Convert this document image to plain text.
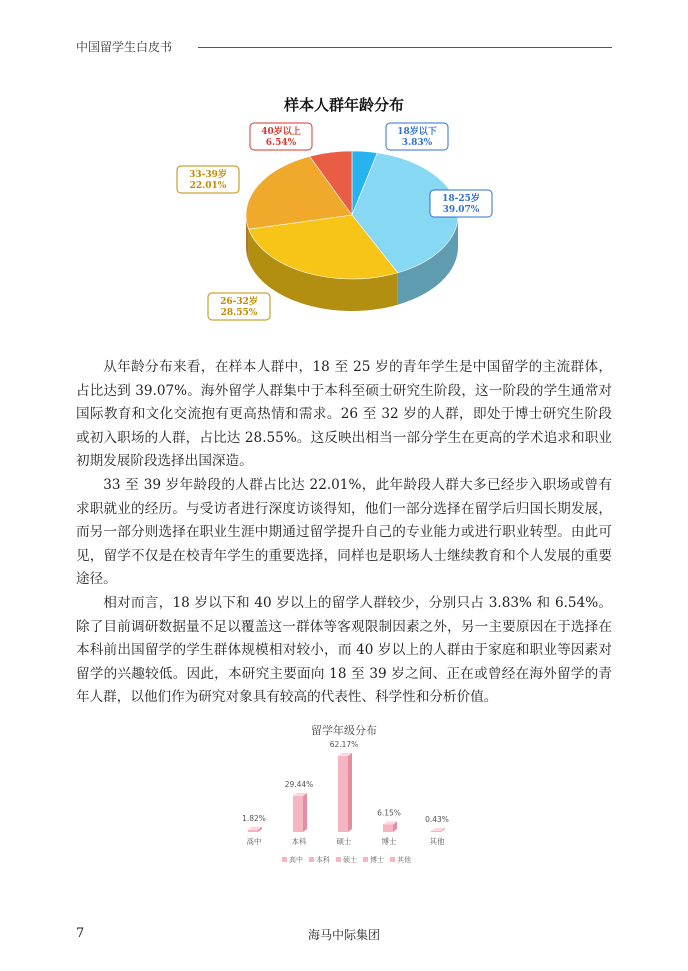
中国留学生白皮书
样本人群年龄分布
18岁以下
3.83%
18-25岁
39.07%
26-32岁
28.55%
33-39岁
22.01%
40岁以上
6.54%

从年龄分布来看，在样本人群中，18 至 25 岁的青年学生是中国留学的主流群体，占比达到 39.07%。海外留学人群集中于本科至硕士研究生阶段，这一阶段的学生通常对国际教育和文化交流抱有更高热情和需求。26 至 32 岁的人群，即处于博士研究生阶段或初入职场的人群，占比达 28.55%。这反映出相当一部分学生在更高的学术追求和职业初期发展阶段选择出国深造。

33 至 39 岁年龄段的人群占比达 22.01%，此年龄段人群大多已经步入职场或曾有求职就业的经历。与受访者进行深度访谈得知，他们一部分选择在留学后归国长期发展，而另一部分则选择在职业生涯中期通过留学提升自己的专业能力或进行职业转型。由此可见，留学不仅是在校青年学生的重要选择，同样也是职场人士继续教育和个人发展的重要途径。

相对而言，18 岁以下和 40 岁以上的留学人群较少，分别只占 3.83% 和 6.54%。除了目前调研数据量不足以覆盖这一群体等客观限制因素之外，另一主要原因在于选择在本科前出国留学的学生群体规模相对较小，而 40 岁以上的人群由于家庭和职业等因素对留学的兴趣较低。因此，本研究主要面向 18 至 39 岁之间、正在或曾经在海外留学的青年人群，以他们作为研究对象具有较高的代表性、科学性和分析价值。

留学年级分布
1.82%
高中
29.44%
本科
62.17%
硕士
6.15%
博士
0.43%
其他
高中 本科 硕士 博士 其他
7	海马中际集团
